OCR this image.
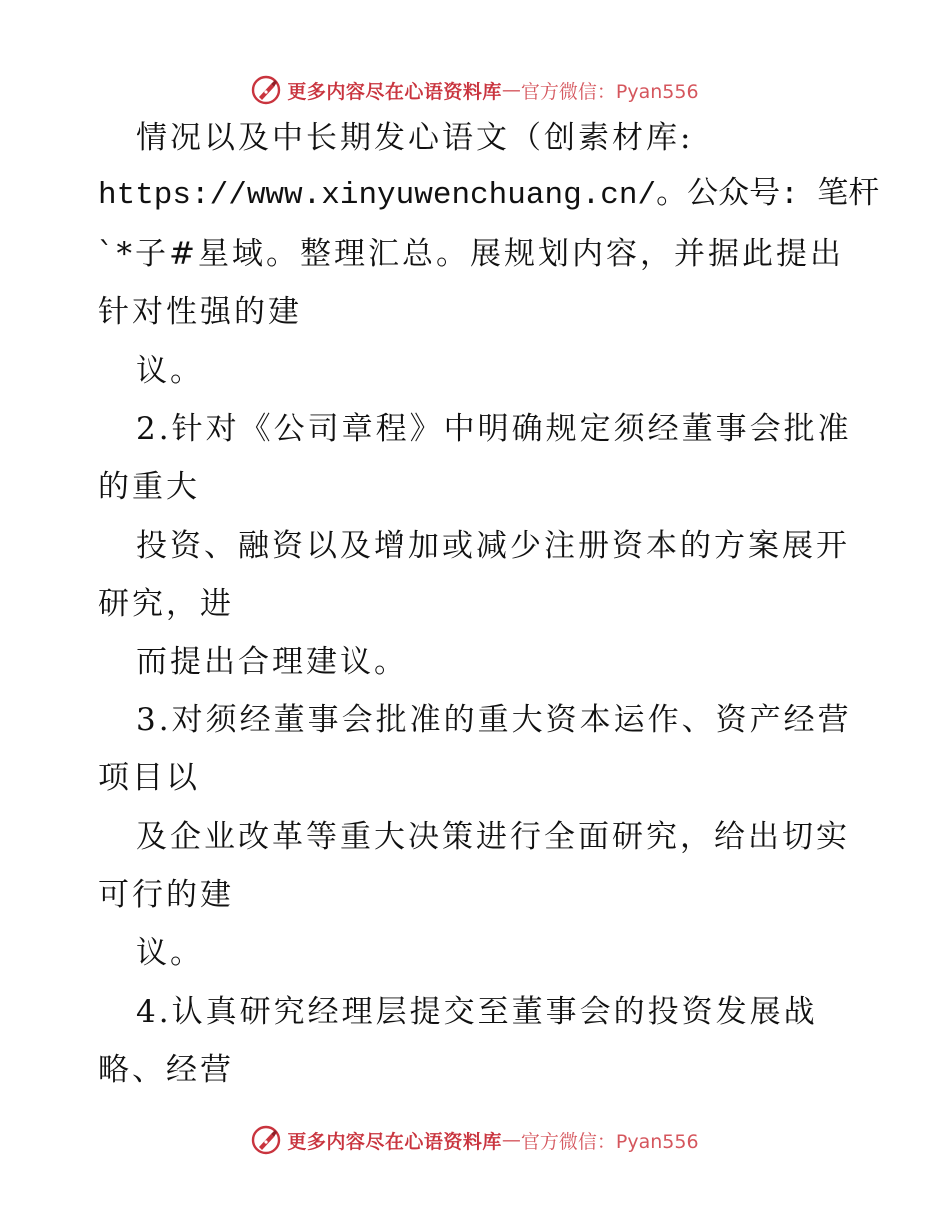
更多内容尽在心语资料库 — 官方微信：Pyan556
情况以及中长期发心语文（创素材库:
https://www.xinyuwenchuang.cn/。公众号: 笔杆
`*子#星域。整理汇总。展规划内容，并据此提出
针对性强的建
议。
2.针对《公司章程》中明确规定须经董事会批准
的重大
投资、融资以及增加或减少注册资本的方案展开
研究，进
而提出合理建议。
3.对须经董事会批准的重大资本运作、资产经营
项目以
及企业改革等重大决策进行全面研究，给出切实
可行的建
议。
4.认真研究经理层提交至董事会的投资发展战
略、经营
更多内容尽在心语资料库 — 官方微信：Pyan556
